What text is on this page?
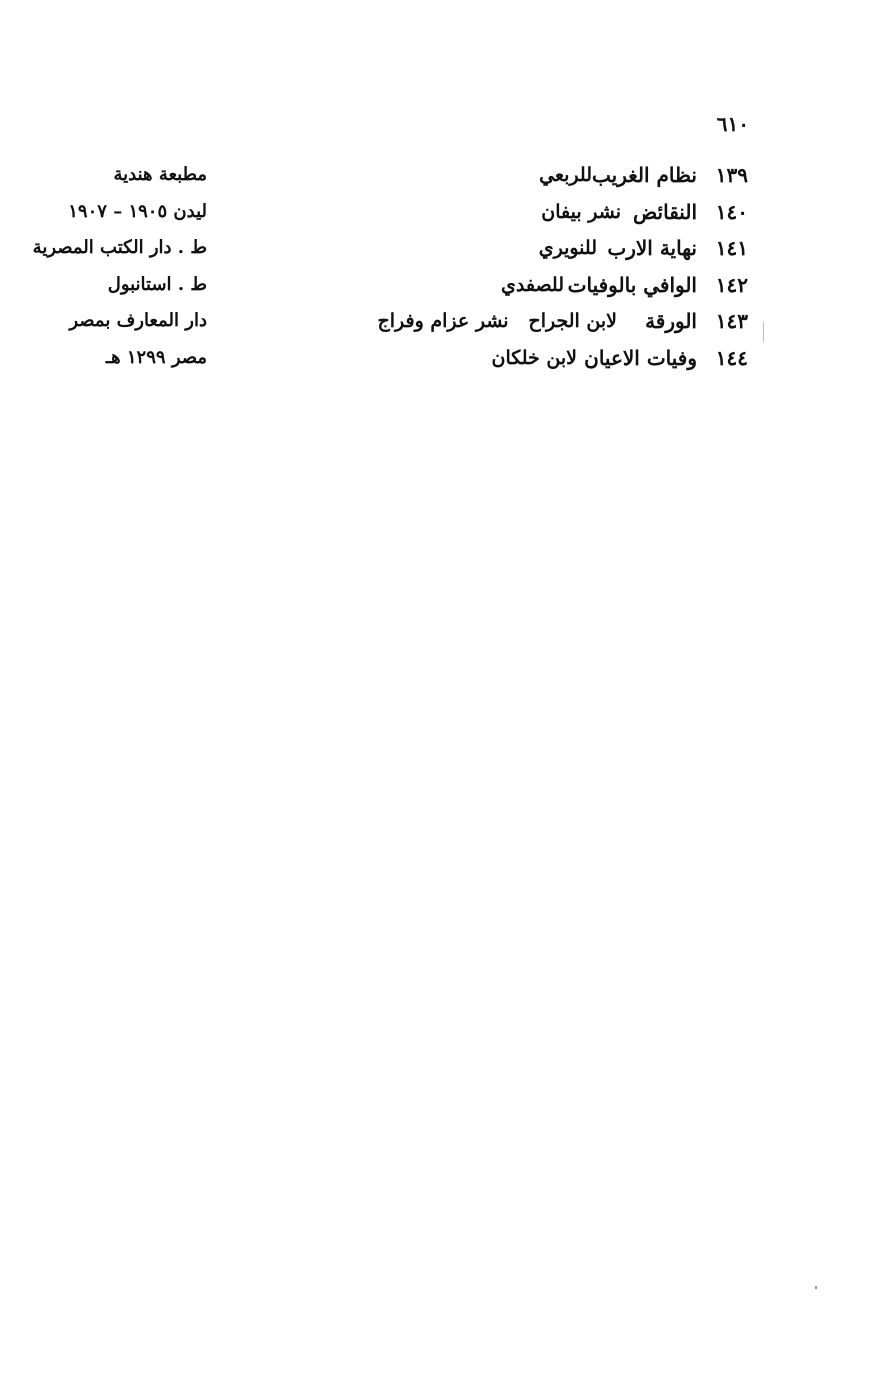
٦١٠
١٣٩
نظام الغريب
للربعي
مطبعة هندية
١٤٠
النقائض
نشر بيفان
ليدن ١٩٠٥ – ١٩٠٧
١٤١
نهاية الارب
للنويري
ط . دار الكتب المصرية
١٤٢
الوافي بالوفيات
للصفدي
ط . استانبول
١٤٣
الورقة
لابن الجراح   نشر عزام وفراج
دار المعارف بمصر
١٤٤
وفيات الاعيان
لابن خلكان
مصر ١٢٩٩ هـ
